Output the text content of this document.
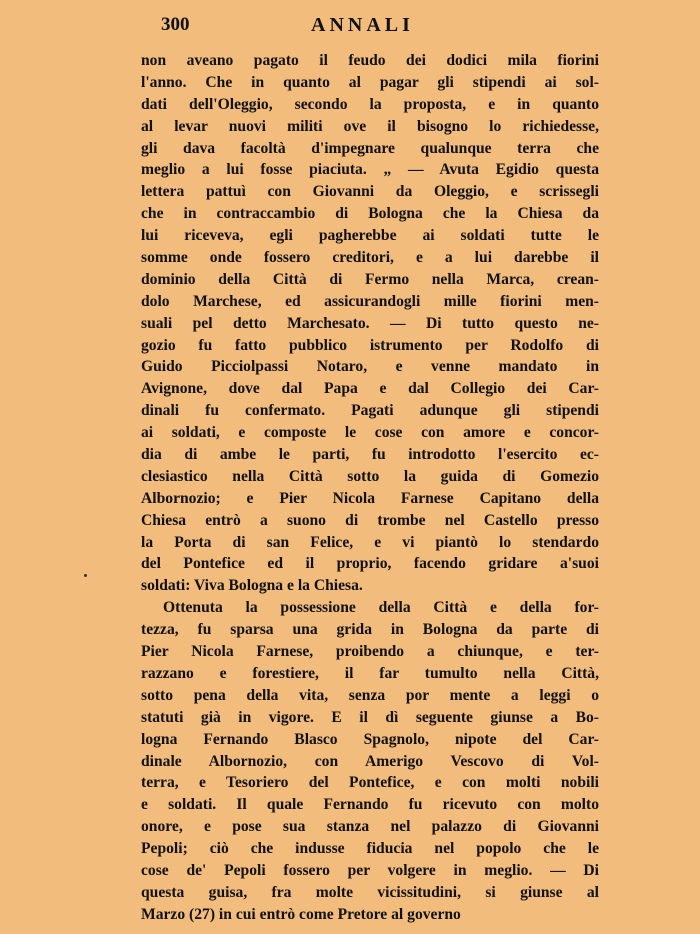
300	ANNALI
non aveano pagato il feudo dei dodici mila fiorini
l'anno. Che in quanto al pagar gli stipendi ai sol-
dati dell'Oleggio, secondo la proposta, e in quanto
al levar nuovi militi ove il bisogno lo richiedesse,
gli dava facoltà d'impegnare qualunque terra che
meglio a lui fosse piaciuta. „ — Avuta Egidio questa
lettera pattuì con Giovanni da Oleggio, e scrissegli
che in contraccambio di Bologna che la Chiesa da
lui riceveva, egli pagherebbe ai soldati tutte le
somme onde fossero creditori, e a lui darebbe il
dominio della Città di Fermo nella Marca, crean-
dolo Marchese, ed assicurandogli mille fiorini men-
suali pel detto Marchesato. — Di tutto questo ne-
gozio fu fatto pubblico istrumento per Rodolfo di
Guido Picciolpassi Notaro, e venne mandato in
Avignone, dove dal Papa e dal Collegio dei Car-
dinali fu confermato. Pagati adunque gli stipendi
ai soldati, e composte le cose con amore e concor-
dia di ambe le parti, fu introdotto l'esercito ec-
clesiastico nella Città sotto la guida di Gomezio
Albornozio; e Pier Nicola Farnese Capitano della
Chiesa entrò a suono di trombe nel Castello presso
la Porta di san Felice, e vi piantò lo stendardo
del Pontefice ed il proprio, facendo gridare a'suoi
soldati: Viva Bologna e la Chiesa.
Ottenuta la possessione della Città e della for-
tezza, fu sparsa una grida in Bologna da parte di
Pier Nicola Farnese, proibendo a chiunque, e ter-
razzano e forestiere, il far tumulto nella Città,
sotto pena della vita, senza por mente a leggi o
statuti già in vigore. E il dì seguente giunse a Bo-
logna Fernando Blasco Spagnolo, nipote del Car-
dinale Albornozio, con Amerigo Vescovo di Vol-
terra, e Tesoriero del Pontefice, e con molti nobili
e soldati. Il quale Fernando fu ricevuto con molto
onore, e pose sua stanza nel palazzo di Giovanni
Pepoli; ciò che indusse fiducia nel popolo che le
cose de' Pepoli fossero per volgere in meglio. — Di
questa guisa, fra molte vicissitudini, si giunse al
Marzo (27) in cui entrò come Pretore al governo
